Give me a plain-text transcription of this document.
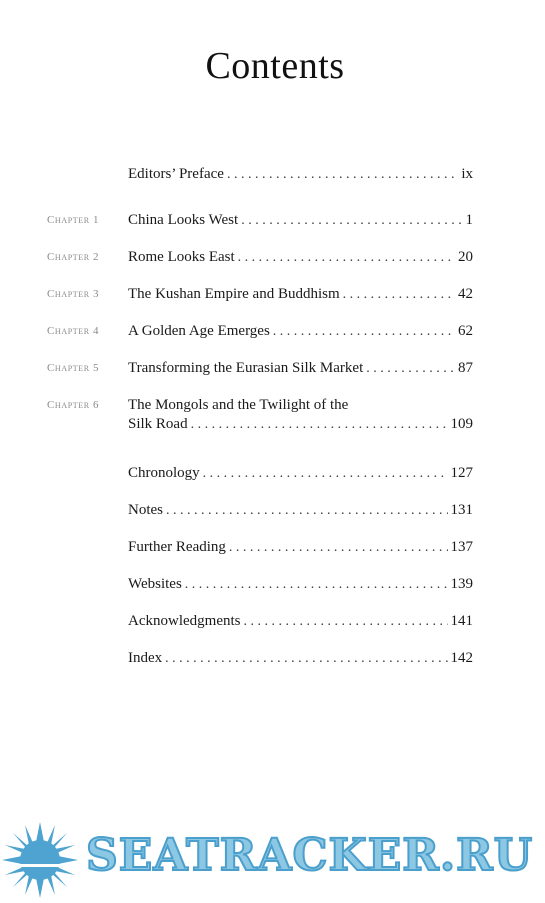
Contents
Editors’ Preface . . .	ix
Chapter 1	China Looks West . . .	1
Chapter 2	Rome Looks East . . .	20
Chapter 3	The Kushan Empire and Buddhism . . .	42
Chapter 4	A Golden Age Emerges . . .	62
Chapter 5	Transforming the Eurasian Silk Market . . .	87
Chapter 6	The Mongols and the Twilight of the
Silk Road . . .	109
Chronology . . .	127
Notes . . .	131
Further Reading . . .	137
Websites . . .	139
Acknowledgments . . .	141
Index . . .	142
SEATRACKER.RU
